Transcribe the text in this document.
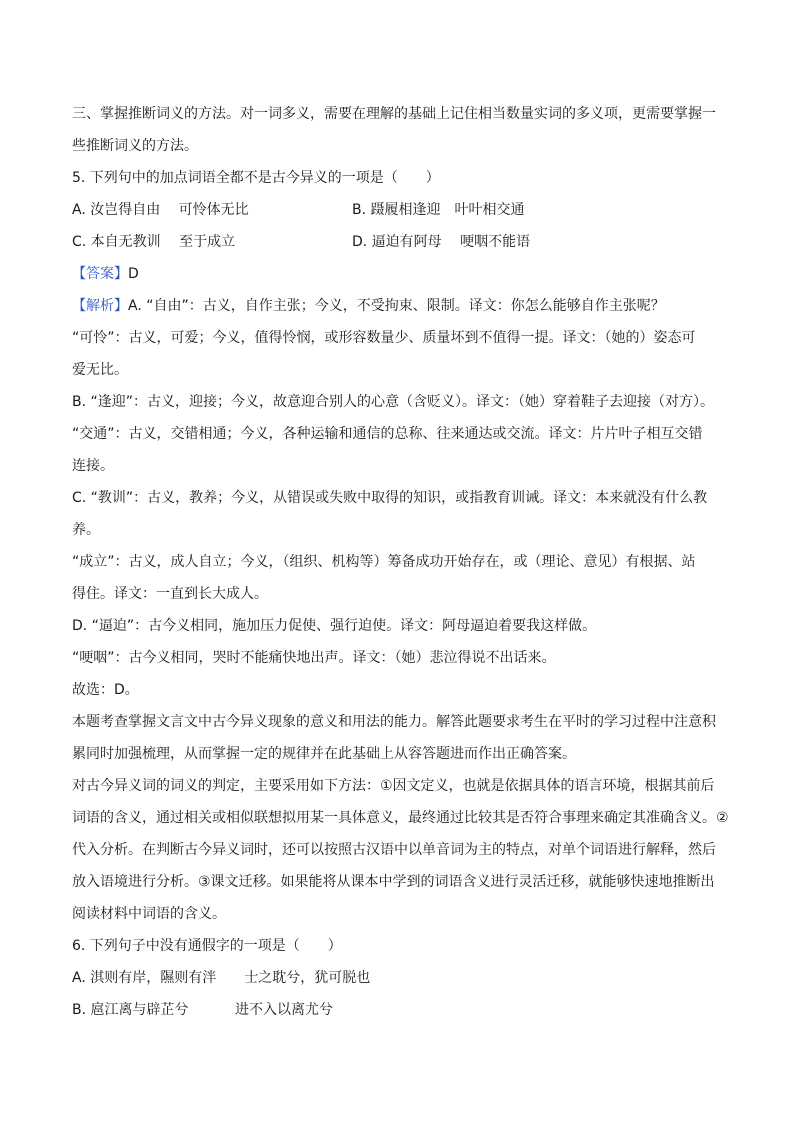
三、掌握推断词义的方法。对一词多义，需要在理解的基础上记住相当数量实词的多义项，更需要掌握一
些推断词义的方法。
5. 下列句中的加点词语全都不是古今异义的一项是（　　）
A. 汝岂得自由　 可怜体无比	B. 蹑履相逢迎　叶叶相交通
C. 本自无教训　 至于成立	D. 逼迫有阿母　 哽咽不能语
【答案】D
【解析】A. “自由”：古义，自作主张；今义，不受拘束、限制。译文：你怎么能够自作主张呢？
“可怜”：古义，可爱；今义，值得怜悯，或形容数量少、质量坏到不值得一提。译文：（她的）姿态可
爱无比。
B. “逢迎”：古义，迎接；今义，故意迎合别人的心意（含贬义）。译文：（她）穿着鞋子去迎接（对方）。
“交通”：古义，交错相通；今义，各种运输和通信的总称、往来通达或交流。译文：片片叶子相互交错
连接。
C. “教训”：古义，教养；今义，从错误或失败中取得的知识，或指教育训诫。译文：本来就没有什么教
养。
“成立”：古义，成人自立；今义，（组织、机构等）筹备成功开始存在，或（理论、意见）有根据、站
得住。译文：一直到长大成人。
D. “逼迫”：古今义相同，施加压力促使、强行迫使。译文：阿母逼迫着要我这样做。
“哽咽”：古今义相同，哭时不能痛快地出声。译文：（她）悲泣得说不出话来。
故选：D。
本题考查掌握文言文中古今异义现象的意义和用法的能力。解答此题要求考生在平时的学习过程中注意积
累同时加强梳理，从而掌握一定的规律并在此基础上从容答题进而作出正确答案。
对古今异义词的词义的判定，主要采用如下方法：①因文定义，也就是依据具体的语言环境，根据其前后
词语的含义，通过相关或相似联想拟用某一具体意义，最终通过比较其是否符合事理来确定其准确含义。②
代入分析。在判断古今异义词时，还可以按照古汉语中以单音词为主的特点，对单个词语进行解释，然后
放入语境进行分析。③课文迁移。如果能将从课本中学到的词语含义进行灵活迁移，就能够快速地推断出
阅读材料中词语的含义。
6. 下列句子中没有通假字的一项是（　　）
A. 淇则有岸，隰则有泮　　士之耽兮，犹可脱也
B. 扈江离与辟芷兮　　　 进不入以离尤兮
